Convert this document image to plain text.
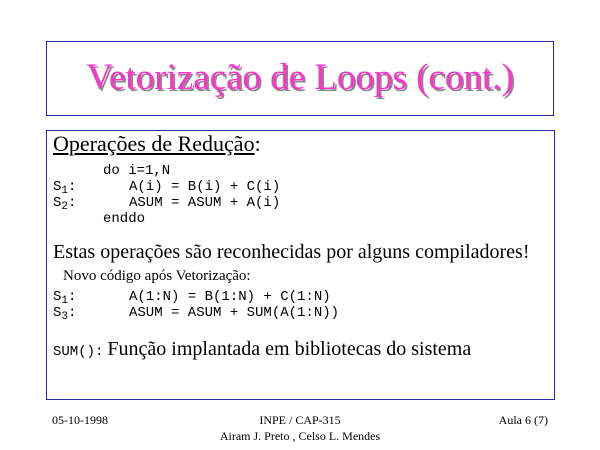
Vetorização de Loops (cont.)
Operações de Redução:
do i=1,N
$S_1$:	A(i) = B(i) + C(i)
$S_2$:	ASUM = ASUM + A(i)
enddo
Estas operações são reconhecidas por alguns compiladores!
Novo código após Vetorização:
$S_1$:	A(1:N) = B(1:N) + C(1:N)
$S_3$:	ASUM = ASUM + SUM(A(1:N))
SUM(): Função implantada em bibliotecas do sistema
05-10-1998	INPE / CAP-315
Airam J. Preto , Celso L. Mendes
Aula 6 (7)
